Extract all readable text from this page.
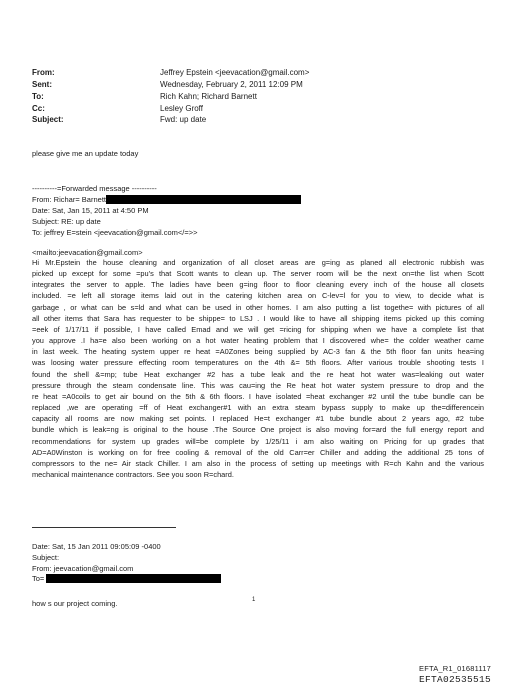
From:	Jeffrey Epstein <jeevacation@gmail.com>
Sent:	Wednesday, February 2, 2011 12:09 PM
To:	Rich Kahn; Richard Barnett
Cc:	Lesley Groff
Subject:	Fwd: up date
please give me an update today
----------=Forwarded message ----------
From: Richar= Barnett
Date: Sat, Jan 15, 2011 at 4:50 PM
Subject: RE: up date
To: jeffrey E=stein <jeevacation@gmail.com</=>>
<mailto:jeevacation@gmail.com>
Hi Mr.Epstein the house cleaning and organization of all closet areas are g=ing as planed all electronic rubbish was
picked up except for some =pu's that Scott wants to clean up. The server room will be the next on=the list when Scott
integrates the server to apple. The ladies have been g=ing floor to floor cleaning every inch of the house all closets
included. =e left all storage items laid out in the catering kitchen area on C-lev=l for you to view, to decide what is
garbage , or what can be s=ld and what can be used in other homes. I am also putting a list togethe= with pictures of all
all other items that Sara has requester to be shippe= to LSJ . I would like to have all shipping items picked up this coming
=eek of 1/17/11 if possible, I have called Emad and we will get =ricing for shipping when we have a complete list that
you approve .I ha=e also been working on a hot water heating problem that I discovered whe= the colder weather came
in last week. The heating system upper re heat =A0Zones being supplied by AC-3 fan & the 5th floor fan units hea=ing
was loosing water pressure effecting room temperatures on the 4th &= 5th floors. After various trouble shooting tests I
found the shell &=mp; tube Heat exchanger #2 has a tube leak and the re heat hot water was=leaking out water
pressure through the steam condensate line. This was cau=ing the Re heat hot water system pressure to drop and the
re heat =A0coils to get air bound on the 5th & 6th floors. I have isolated =heat exchanger #2 until the tube bundle can be
replaced ,we are operating =ff of Heat exchanger#1 with an extra steam bypass supply to make up the=differencein
capacity all rooms are now making set points. I replaced He=t exchanger #1 tube bundle about 2 years ago, #2 tube
bundle which is leak=ng is original to the house .The Source One project is also moving for=ard the full energy report and
recommendations for system up grades will=be complete by 1/25/11 i am also waiting on Pricing for up grades that
AD=A0Winston is working on for free cooling & removal of the old Carr=er Chiller and adding the additional 25 tons of
compressors to the ne= Air stack Chiller. I am also in the process of setting up meetings with R=ch Kahn and the various
mechanical maintenance contractors. See you soon R=chard.
Date: Sat, 15 Jan 2011 09:05:09 -0400
Subject:
From: jeevacation@gmail.com
To=
how s our project coming.	1
EFTA_R1_01681117
EFTA02535515
